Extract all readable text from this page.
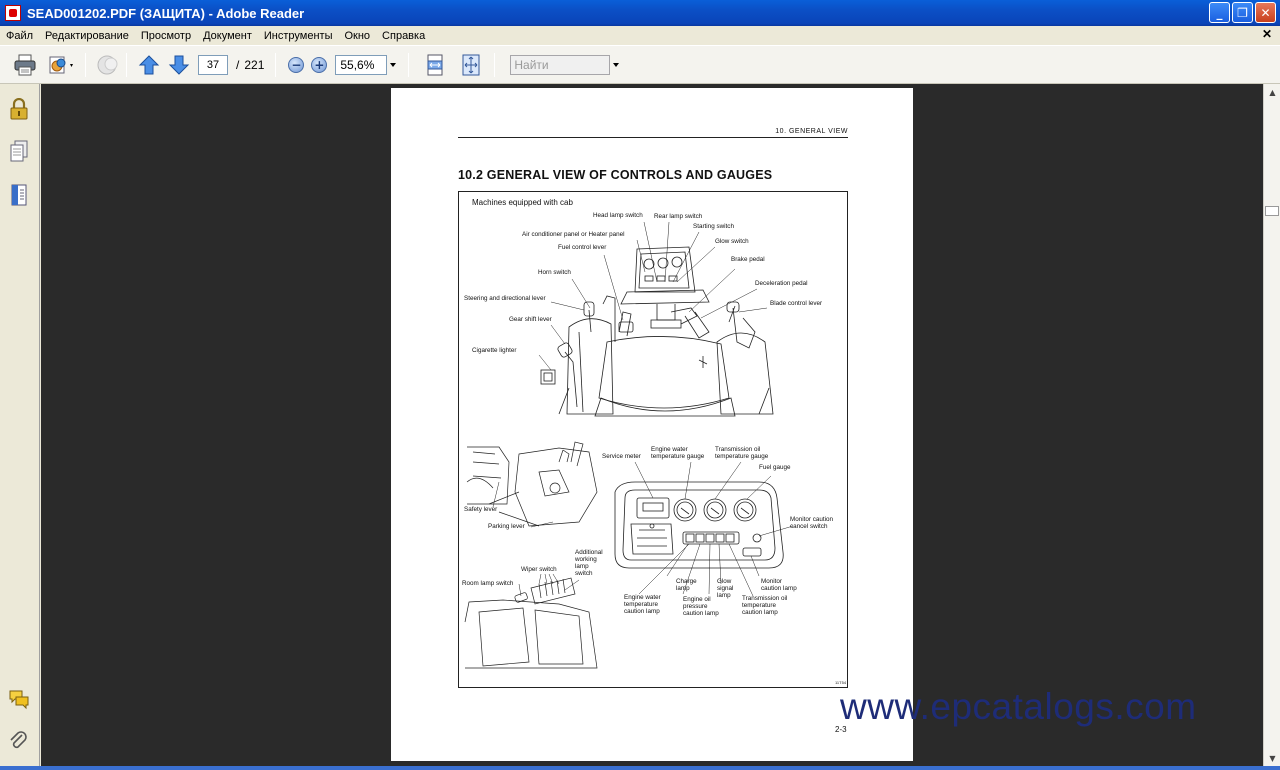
SEAD001202.PDF (ЗАЩИТА) - Adobe Reader	_	❐	✕
Файл	Редактирование	Просмотр	Документ	Инструменты	Окно	Справка	✕
37
/ 221 − + 55,6%	Найти
▲
▼
10. GENERAL VIEW
10.2 GENERAL VIEW OF CONTROLS AND GAUGES
Machines equipped with cab
Head lamp switch Rear lamp switch
Starting switch
Air conditioner panel or Heater panel
Glow switch
Fuel control lever
Brake pedal
Horn switch
Deceleration pedal
Steering and directional lever
Blade control lever
Gear shift lever
Cigarette lighter
Service meter
Engine water
temperature gauge
Transmission oil
temperature gauge
Fuel gauge
Safety lever
Parking lever
Monitor caution
cancel switch
Additional
working
lamp
switch
Wiper switch
Room lamp switch	Charge
lamp
Glow
signal
lamp
Monitor
caution lamp
Engine water
temperature
caution lamp
Engine oil
pressure
caution lamp
Transmission oil
temperature
caution lamp
11T54
2-3
www.epcatalogs.com
